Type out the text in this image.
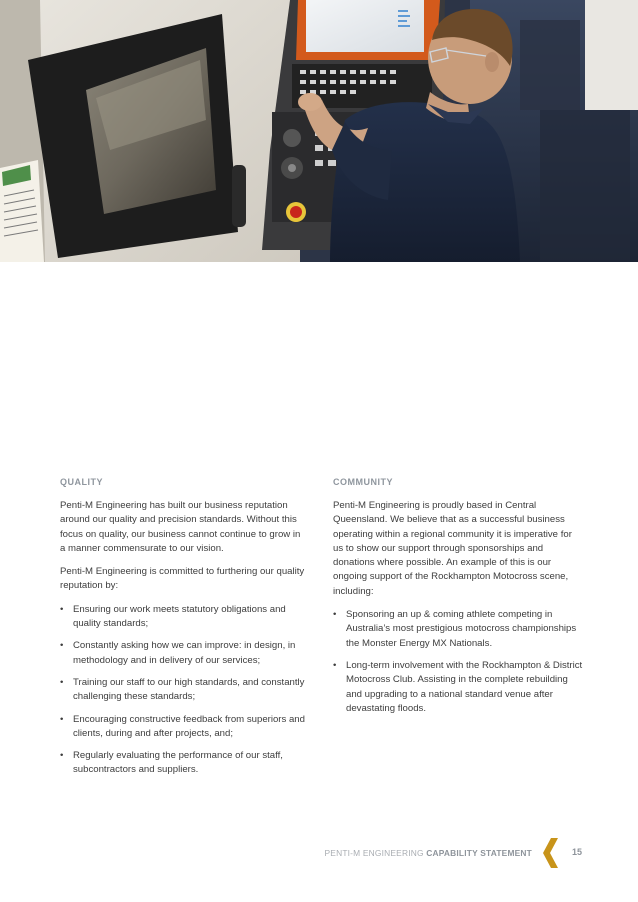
QUALITY

Penti-M Engineering has built our business reputation around our quality and precision standards. Without this focus on quality, our business cannot continue to grow in a manner commensurate to our vision.

Penti-M Engineering is committed to furthering our quality reputation by:

• Ensuring our work meets statutory obligations and quality standards;
• Constantly asking how we can improve: in design, in methodology and in delivery of our services;
• Training our staff to our high standards, and constantly challenging these standards;
• Encouraging constructive feedback from superiors and clients, during and after projects, and;
• Regularly evaluating the performance of our staff, subcontractors and suppliers.
COMMUNITY

Penti-M Engineering is proudly based in Central Queensland. We believe that as a successful business operating within a regional community it is imperative for us to show our support through sponsorships and donations where possible. An example of this is our ongoing support of the Rockhampton Motocross scene, including:

• Sponsoring an up & coming athlete competing in Australia’s most prestigious motocross championships the Monster Energy MX Nationals.
• Long-term involvement with the Rockhampton & District Motocross Club. Assisting in the complete rebuilding and upgrading to a national standard venue after devastating floods.
PENTI-M ENGINEERING CAPABILITY STATEMENT	15
